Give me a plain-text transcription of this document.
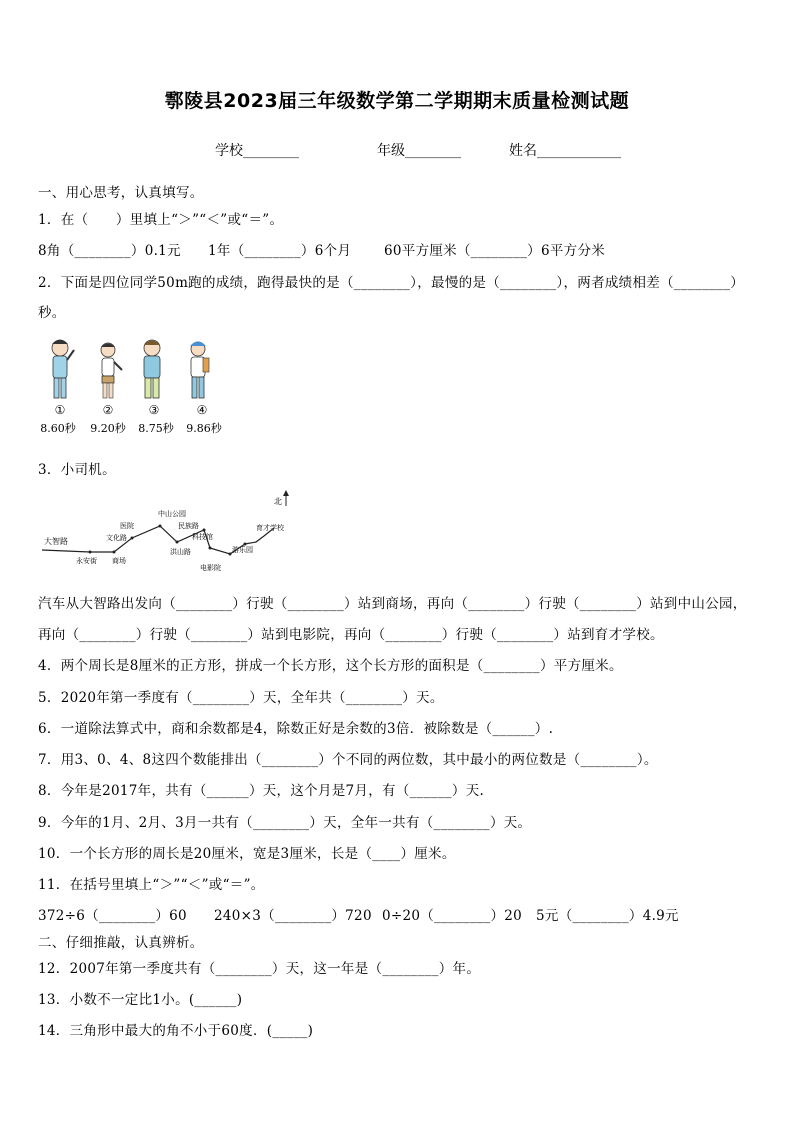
鄠陵县2023届三年级数学第二学期期末质量检测试题
学校________	年级________	姓名____________
一、用心思考，认真填写。
1．在（　　）里填上“＞”“＜”或“＝”。
8角（________）0.1元 1年（________）6个月 60平方厘米（________）6平方分米
2．下面是四位同学50m跑的成绩，跑得最快的是（________），最慢的是（________），两者成绩相差（________）
秒。
①	②	③	④
8.60秒 9.20秒 8.75秒 9.86秒
3．小司机。
北
大智路
永安街 商场
文化路
医院
中山公园
民族路
科技馆
洪山路
电影院
游乐园
育才学校
汽车从大智路出发向（________）行驶（________）站到商场，再向（________）行驶（________）站到中山公园，
再向（________）行驶（________）站到电影院，再向（________）行驶（________）站到育才学校。
4．两个周长是8厘米的正方形，拼成一个长方形，这个长方形的面积是（________）平方厘米。
5．2020年第一季度有（________）天，全年共（________）天。
6．一道除法算式中，商和余数都是4，除数正好是余数的3倍．被除数是（______）.
7．用3、0、4、8这四个数能排出（________）个不同的两位数，其中最小的两位数是（________）。
8．今年是2017年，共有（______）天，这个月是7月，有（______）天.
9．今年的1月、2月、3月一共有（________）天，全年一共有（________）天。
10．一个长方形的周长是20厘米，宽是3厘米，长是（____）厘米。
11．在括号里填上“＞”“＜”或“＝”。
372÷6（________）60 240×3（________）720 0÷20（________）20 5元（________）4.9元
二、仔细推敲，认真辨析。
12．2007年第一季度共有（________）天，这一年是（________）年。
13．小数不一定比1小。(______)
14．三角形中最大的角不小于60度．(_____)
